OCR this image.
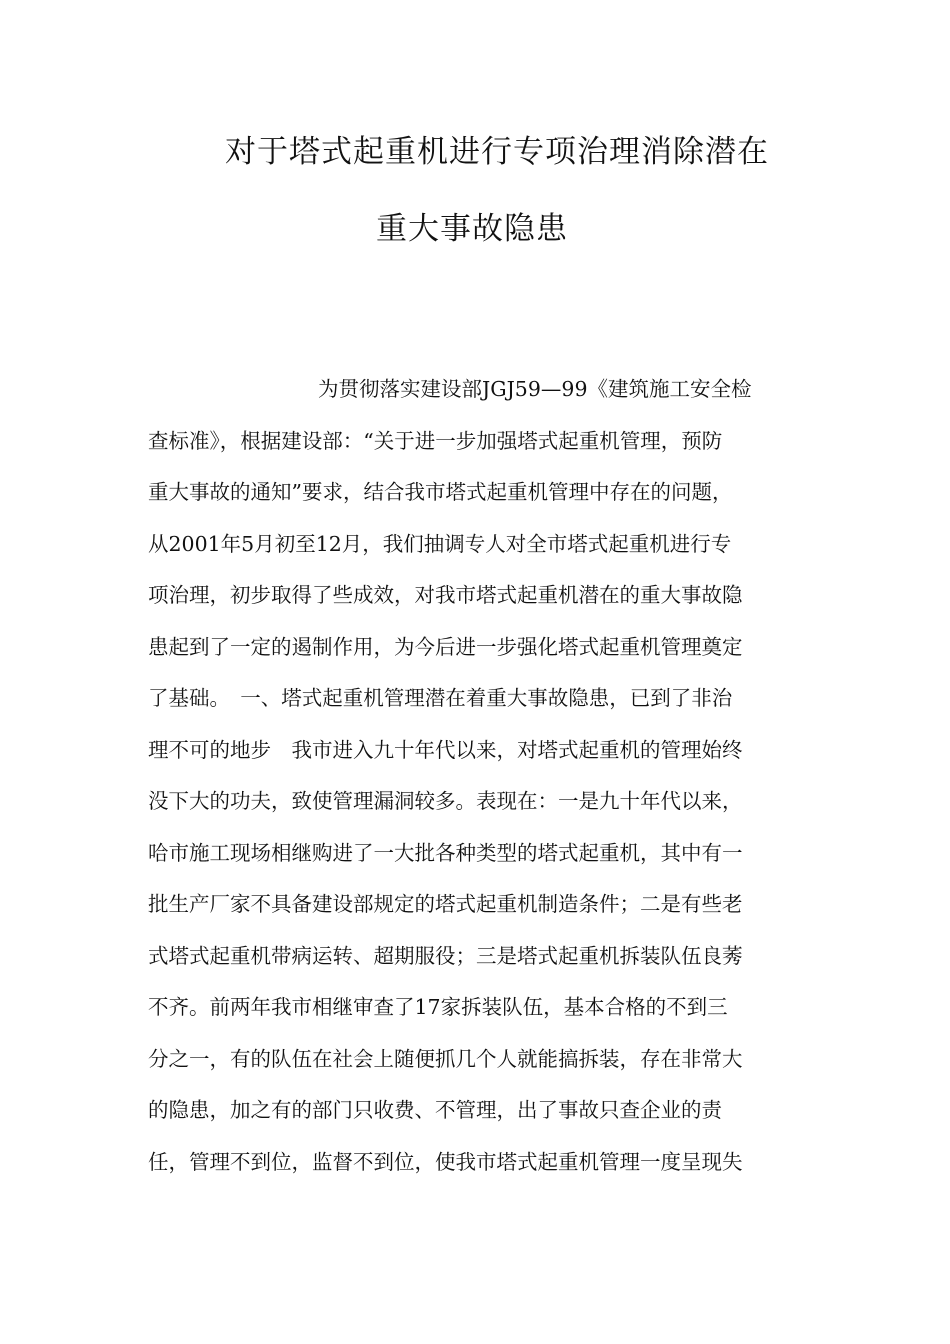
对于塔式起重机进行专项治理消除潜在
重大事故隐患
为贯彻落实建设部JGJ59—99《建筑施工安全检
查标准》，根据建设部：“关于进一步加强塔式起重机管理，预防
重大事故的通知”要求，结合我市塔式起重机管理中存在的问题，
从2001年5月初至12月，我们抽调专人对全市塔式起重机进行专
项治理，初步取得了些成效，对我市塔式起重机潜在的重大事故隐
患起到了一定的遏制作用，为今后进一步强化塔式起重机管理奠定
了基础。　一、塔式起重机管理潜在着重大事故隐患，已到了非治
理不可的地步　我市进入九十年代以来，对塔式起重机的管理始终
没下大的功夫，致使管理漏洞较多。表现在：一是九十年代以来，
哈市施工现场相继购进了一大批各种类型的塔式起重机，其中有一
批生产厂家不具备建设部规定的塔式起重机制造条件；二是有些老
式塔式起重机带病运转、超期服役；三是塔式起重机拆装队伍良莠
不齐。前两年我市相继审查了17家拆装队伍，基本合格的不到三
分之一，有的队伍在社会上随便抓几个人就能搞拆装，存在非常大
的隐患，加之有的部门只收费、不管理，出了事故只查企业的责
任，管理不到位，监督不到位，使我市塔式起重机管理一度呈现失
